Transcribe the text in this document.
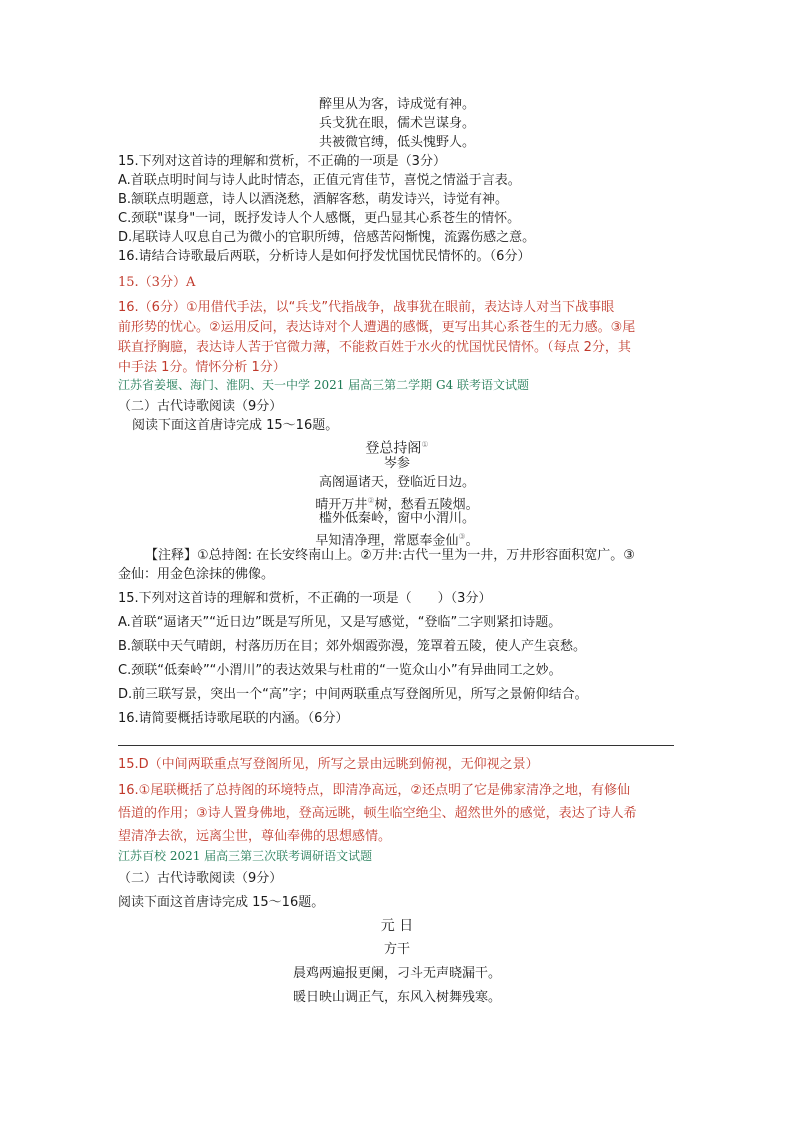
醉里从为客，诗成觉有神。
兵戈犹在眼，儒术岂谋身。
共被微官缚，低头愧野人。
15.下列对这首诗的理解和赏析，不正确的一项是（3分）
A.首联点明时间与诗人此时情态，正值元宵佳节，喜悦之情溢于言表。
B.颔联点明题意，诗人以酒浇愁，酒解客愁，萌发诗兴，诗觉有神。
C.颈联"谋身"一词，既抒发诗人个人感慨，更凸显其心系苍生的情怀。
D.尾联诗人叹息自己为微小的官职所缚，倍感苦闷惭愧，流露伤感之意。
16.请结合诗歌最后两联，分析诗人是如何抒发忧国忧民情怀的。（6分）
15.（3分）A
16.（6分）①用借代手法，以“兵戈”代指战争，战事犹在眼前，表达诗人对当下战事眼
前形势的忧心。②运用反问，表达诗对个人遭遇的感慨，更写出其心系苍生的无力感。③尾
联直抒胸臆，表达诗人苦于官微力薄，不能救百姓于水火的忧国忧民情怀。（每点 2分，其
中手法 1分。情怀分析 1分）
江苏省姜堰、海门、淮阴、天一中学 2021 届高三第二学期 G4 联考语文试题
（二）古代诗歌阅读（9分）
阅读下面这首唐诗完成 15～16题。
登总持阁①
岑参
高阁逼诸天，登临近日边。
晴开万井②树，愁看五陵烟。
槛外低秦岭，窗中小渭川。
早知清净理，常愿奉金仙③。
【注释】①总持阁: 在长安终南山上。②万井:古代一里为一井，万井形容面积宽广。③
金仙：用金色涂抹的佛像。
15.下列对这首诗的理解和赏析，不正确的一项是（　　）（3分）
A.首联“逼诸天”“近日边”既是写所见，又是写感觉，“登临”二字则紧扣诗题。
B.颔联中天气晴朗，村落历历在目；郊外烟霞弥漫，笼罩着五陵，使人产生哀愁。
C.颈联“低秦岭”“小渭川”的表达效果与杜甫的“一览众山小”有异曲同工之妙。
D.前三联写景，突出一个“高”字；中间两联重点写登阁所见，所写之景俯仰结合。
16.请简要概括诗歌尾联的内涵。（6分）
15.D（中间两联重点写登阁所见，所写之景由远眺到俯视，无仰视之景）
16.①尾联概括了总持阁的环境特点，即清净高远，②还点明了它是佛家清净之地，有修仙
悟道的作用；③诗人置身佛地，登高远眺，顿生临空绝尘、超然世外的感觉，表达了诗人希
望清净去欲，远离尘世，尊仙奉佛的思想感情。
江苏百校 2021 届高三第三次联考调研语文试题
（二）古代诗歌阅读（9分）
阅读下面这首唐诗完成 15～16题。
元 日
方干
晨鸡两遍报更阑，刁斗无声晓漏干。
暖日映山调正气，东风入树舞残寒。
